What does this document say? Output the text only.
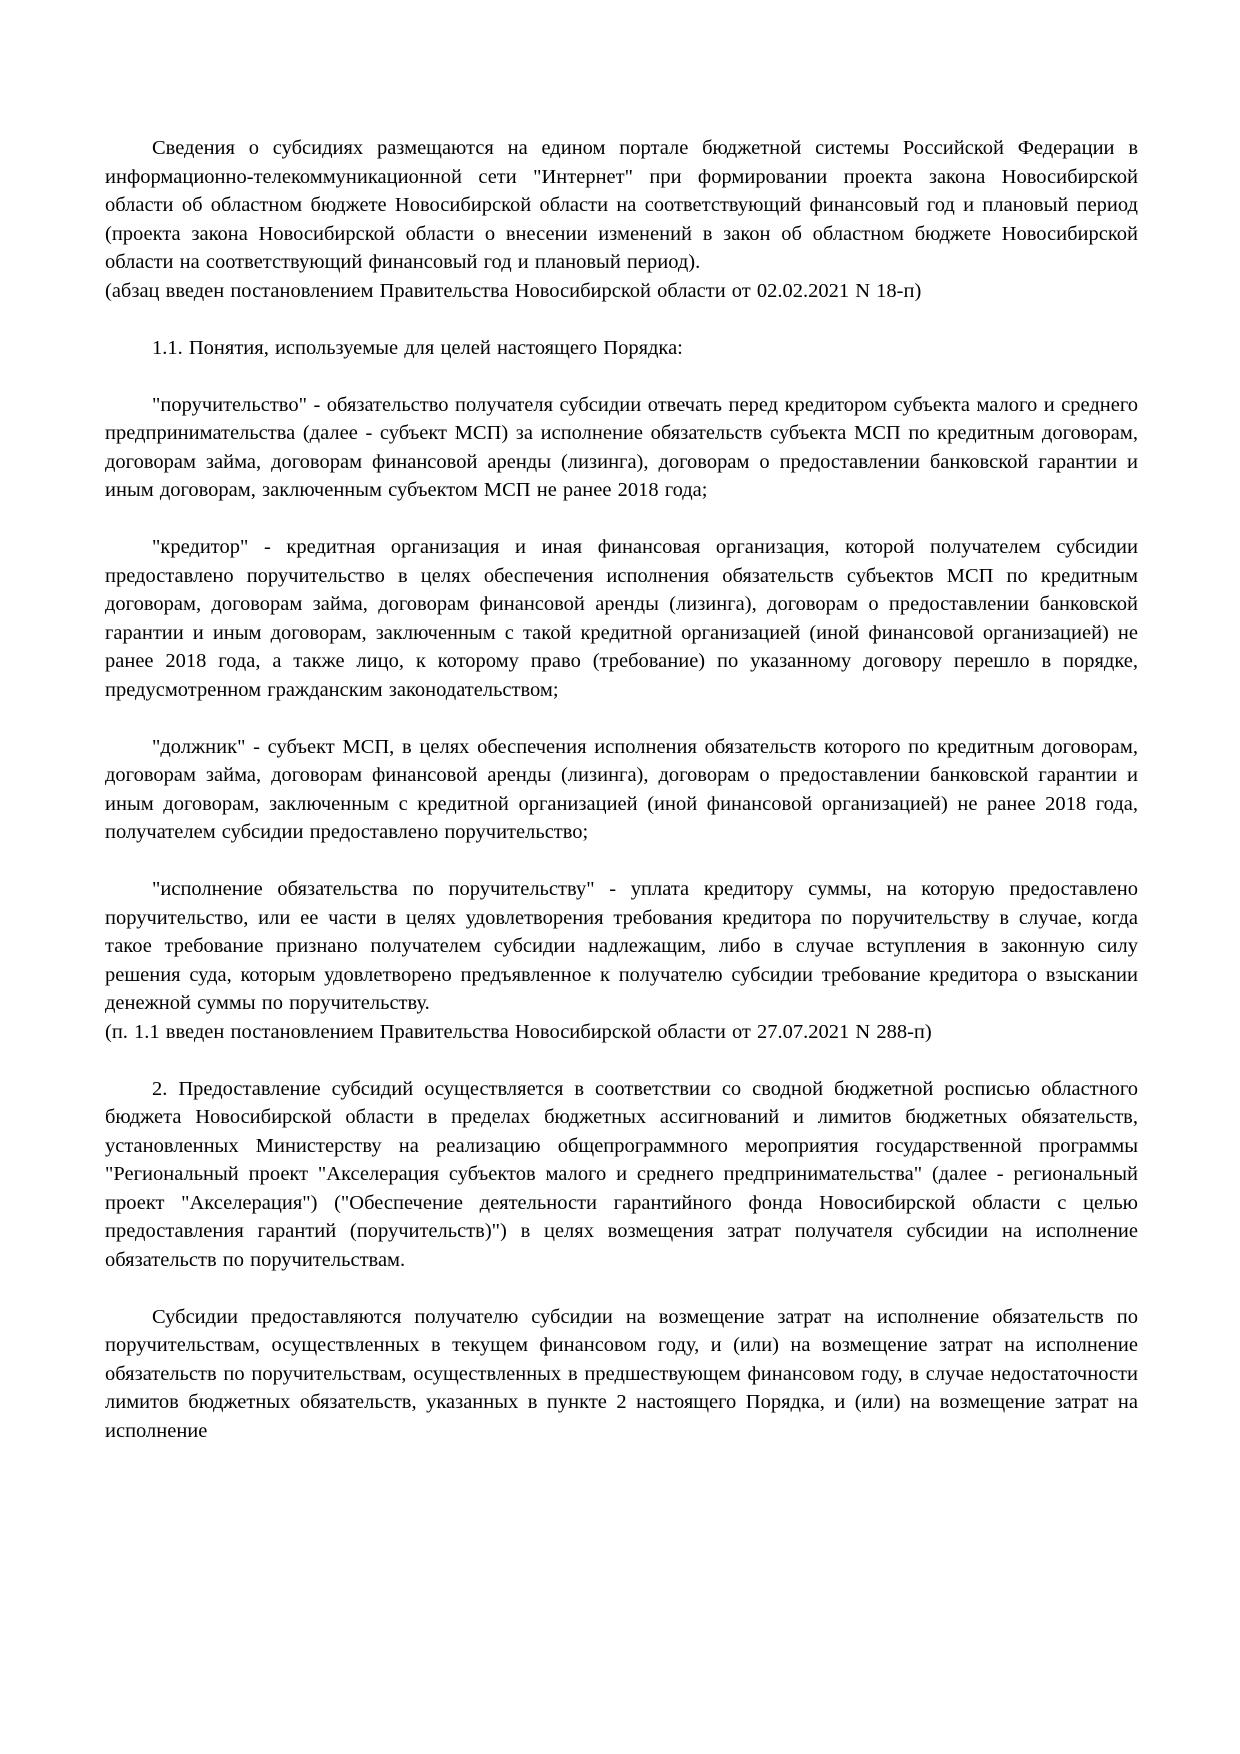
Сведения о субсидиях размещаются на едином портале бюджетной системы Российской Федерации в информационно-телекоммуникационной сети "Интернет" при формировании проекта закона Новосибирской области об областном бюджете Новосибирской области на соответствующий финансовый год и плановый период (проекта закона Новосибирской области о внесении изменений в закон об областном бюджете Новосибирской области на соответствующий финансовый год и плановый период).

(абзац введен постановлением Правительства Новосибирской области от 02.02.2021 N 18-п)

1.1. Понятия, используемые для целей настоящего Порядка:

"поручительство" - обязательство получателя субсидии отвечать перед кредитором субъекта малого и среднего предпринимательства (далее - субъект МСП) за исполнение обязательств субъекта МСП по кредитным договорам, договорам займа, договорам финансовой аренды (лизинга), договорам о предоставлении банковской гарантии и иным договорам, заключенным субъектом МСП не ранее 2018 года;

"кредитор" - кредитная организация и иная финансовая организация, которой получателем субсидии предоставлено поручительство в целях обеспечения исполнения обязательств субъектов МСП по кредитным договорам, договорам займа, договорам финансовой аренды (лизинга), договорам о предоставлении банковской гарантии и иным договорам, заключенным с такой кредитной организацией (иной финансовой организацией) не ранее 2018 года, а также лицо, к которому право (требование) по указанному договору перешло в порядке, предусмотренном гражданским законодательством;

"должник" - субъект МСП, в целях обеспечения исполнения обязательств которого по кредитным договорам, договорам займа, договорам финансовой аренды (лизинга), договорам о предоставлении банковской гарантии и иным договорам, заключенным с кредитной организацией (иной финансовой организацией) не ранее 2018 года, получателем субсидии предоставлено поручительство;

"исполнение обязательства по поручительству" - уплата кредитору суммы, на которую предоставлено поручительство, или ее части в целях удовлетворения требования кредитора по поручительству в случае, когда такое требование признано получателем субсидии надлежащим, либо в случае вступления в законную силу решения суда, которым удовлетворено предъявленное к получателю субсидии требование кредитора о взыскании денежной суммы по поручительству.

(п. 1.1 введен постановлением Правительства Новосибирской области от 27.07.2021 N 288-п)

2. Предоставление субсидий осуществляется в соответствии со сводной бюджетной росписью областного бюджета Новосибирской области в пределах бюджетных ассигнований и лимитов бюджетных обязательств, установленных Министерству на реализацию общепрограммного мероприятия государственной программы "Региональный проект "Акселерация субъектов малого и среднего предпринимательства" (далее - региональный проект "Акселерация") ("Обеспечение деятельности гарантийного фонда Новосибирской области с целью предоставления гарантий (поручительств)") в целях возмещения затрат получателя субсидии на исполнение обязательств по поручительствам.

Субсидии предоставляются получателю субсидии на возмещение затрат на исполнение обязательств по поручительствам, осуществленных в текущем финансовом году, и (или) на возмещение затрат на исполнение обязательств по поручительствам, осуществленных в предшествующем финансовом году, в случае недостаточности лимитов бюджетных обязательств, указанных в пункте 2 настоящего Порядка, и (или) на возмещение затрат на исполнение
